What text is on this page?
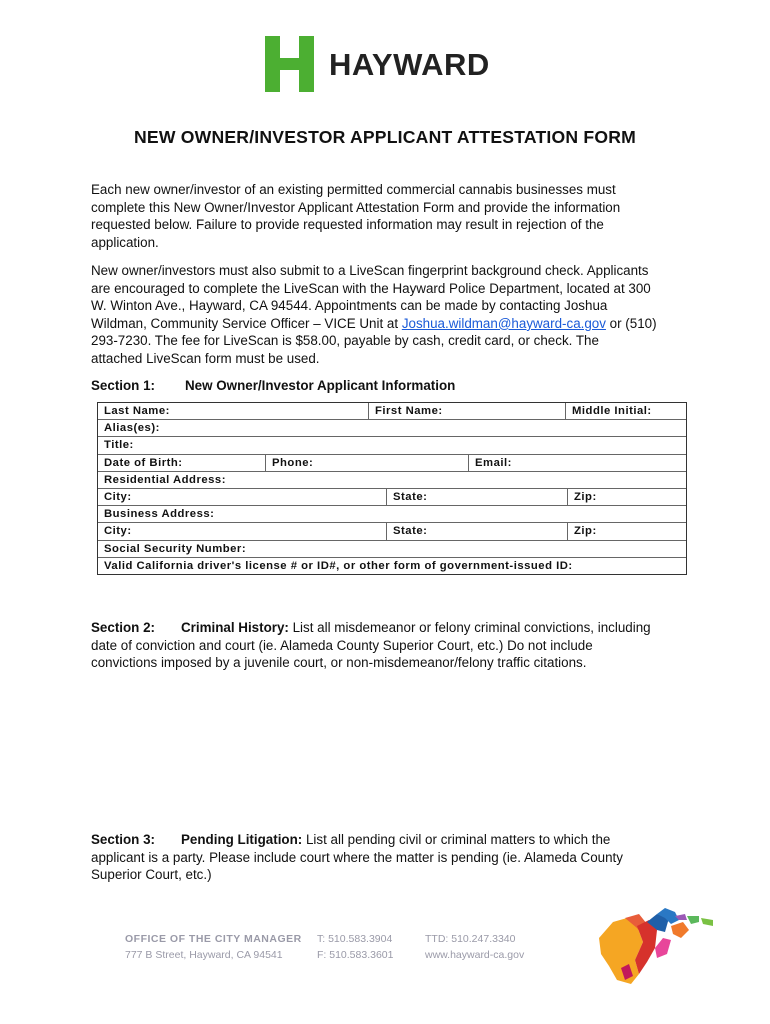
HAYWARD
NEW OWNER/INVESTOR APPLICANT ATTESTATION FORM
Each new owner/investor of an existing permitted commercial cannabis businesses must
complete this New Owner/Investor Applicant Attestation Form and provide the information
requested below. Failure to provide requested information may result in rejection of the
application.
New owner/investors must also submit to a LiveScan fingerprint background check. Applicants
are encouraged to complete the LiveScan with the Hayward Police Department, located at 300
W. Winton Ave., Hayward, CA 94544. Appointments can be made by contacting Joshua
Wildman, Community Service Officer – VICE Unit at Joshua.wildman@hayward-ca.gov or (510)
293-7230. The fee for LiveScan is $58.00, payable by cash, credit card, or check. The
attached LiveScan form must be used.
Section 1: New Owner/Investor Applicant Information
Last Name:	First Name:	Middle Initial:
Alias(es):
Title:
Date of Birth:	Phone:	Email:
Residential Address:
City:	State:	Zip:
Business Address:
City:	State:	Zip:
Social Security Number:
Valid California driver's license # or ID#, or other form of government-issued ID:
Section 2: Criminal History: List all misdemeanor or felony criminal convictions, including
date of conviction and court (ie. Alameda County Superior Court, etc.) Do not include
convictions imposed by a juvenile court, or non-misdemeanor/felony traffic citations.
Section 3: Pending Litigation: List all pending civil or criminal matters to which the
applicant is a party. Please include court where the matter is pending (ie. Alameda County
Superior Court, etc.)
OFFICE OF THE CITY MANAGER
777 B Street, Hayward, CA 94541
T: 510.583.3904
F: 510.583.3601
TTD: 510.247.3340
www.hayward-ca.gov
